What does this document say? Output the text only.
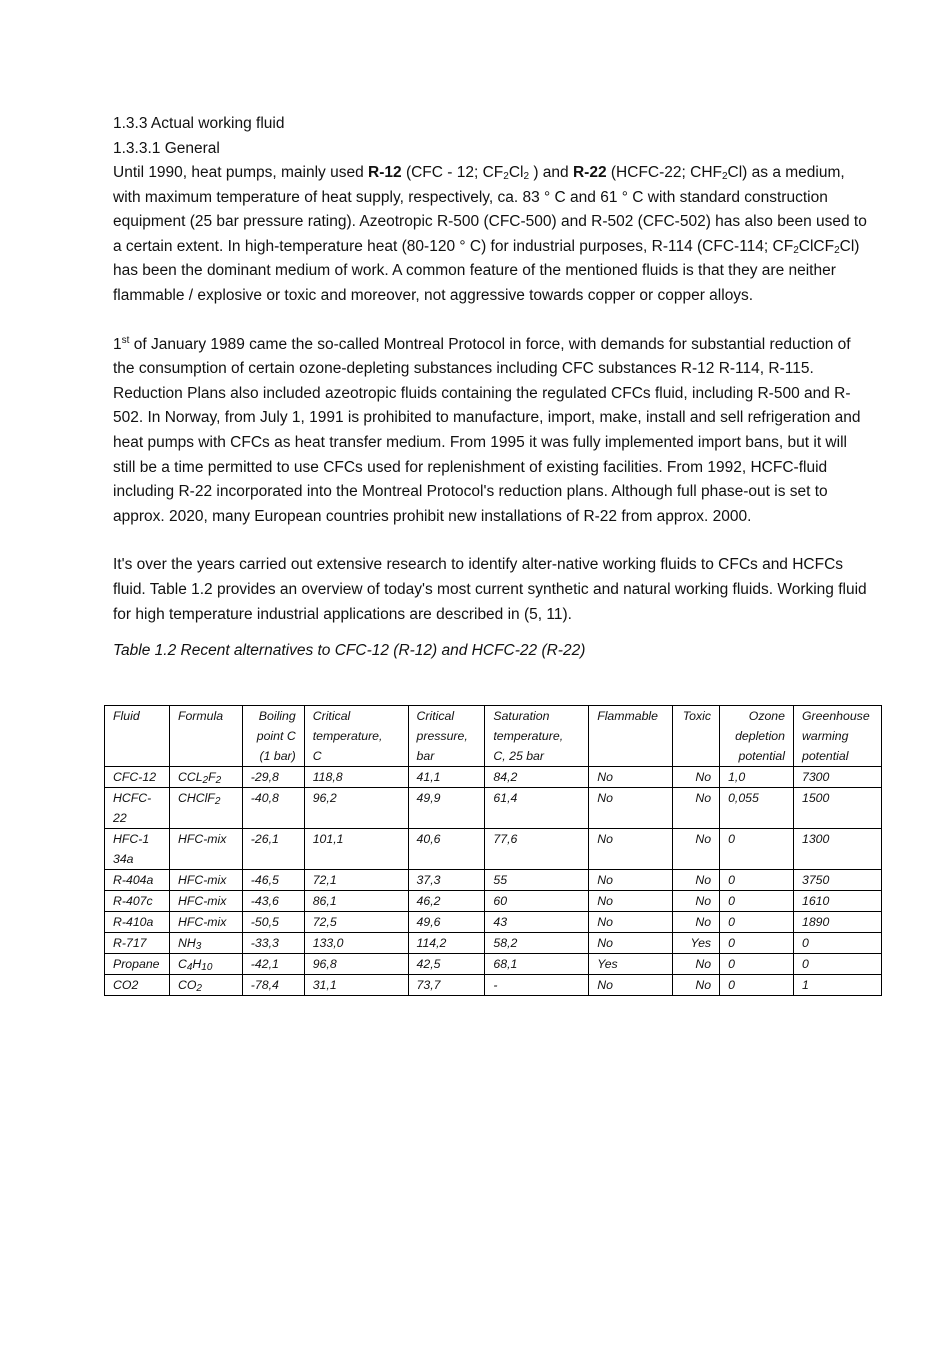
1.3.3 Actual working fluid

1.3.3.1 General

Until 1990, heat pumps, mainly used R-12 (CFC - 12; $CF_2Cl_2$ ) and R-22 (HCFC-22; $CHF_2Cl$) as a medium, with maximum temperature of heat supply, respectively, ca. 83 ° C and 61 ° C with standard construction equipment (25 bar pressure rating). Azeotropic R-500 (CFC-500) and R-502 (CFC-502) has also been used to a certain extent. In high-temperature heat (80-120 ° C) for industrial purposes, R-114 (CFC-114; $CF_2ClCF_2Cl$) has been the dominant medium of work. A common feature of the mentioned fluids is that they are neither flammable / explosive or toxic and moreover, not aggressive towards copper or copper alloys.

1st of January 1989 came the so-called Montreal Protocol in force, with demands for substantial reduction of the consumption of certain ozone-depleting substances including CFC substances R-12 R-114, R-115. Reduction Plans also included azeotropic fluids containing the regulated CFCs fluid, including R-500 and R-502. In Norway, from July 1, 1991 is prohibited to manufacture, import, make, install and sell refrigeration and heat pumps with CFCs as heat transfer medium. From 1995 it was fully implemented import bans, but it will still be a time permitted to use CFCs used for replenishment of existing facilities. From 1992, HCFC-fluid including R-22 incorporated into the Montreal Protocol's reduction plans. Although full phase-out is set to approx. 2020, many European countries prohibit new installations of R-22 from approx. 2000.

It's over the years carried out extensive research to identify alter-native working fluids to CFCs and HCFCs fluid. Table 1.2 provides an overview of today's most current synthetic and natural working fluids. Working fluid for high temperature industrial applications are described in (5, 11).

Table 1.2 Recent alternatives to CFC-12 (R-12) and HCFC-22 (R-22)

Fluid	Formula	Boiling
point C
(1 bar)	Critical
temperature,
C	Critical
pressure,
bar	Saturation
temperature,
C, 25 bar	Flammable	Toxic	Ozone
depletion
potential	Greenhouse
warming
potential

CFC-12	$CCL_2F_2$	-29,8	118,8	41,1	84,2	No	No	1,0	7300

HCFC-22	CHClF$_2$	-40,8	96,2	49,9	61,4	No	No	0,055	1500

HFC-134a	HFC-mix	-26,1	101,1	40,6	77,6	No	No	0	1300
R-404a	HFC-mix	-46,5	72,1	37,3	55	No	No	0	3750
R-407c	HFC-mix	-43,6	86,1	46,2	60	No	No	0	1610
R-410a	HFC-mix	-50,5	72,5	49,6	43	No	No	0	1890
R-717	$NH_3$	-33,3	133,0	114,2	58,2	No	Yes	0	0
Propane	$C_4H_{10}$	-42,1	96,8	42,5	68,1	Yes	No	0	0
CO2	$CO_2$	-78,4	31,1	73,7	-	No	No	0	1
